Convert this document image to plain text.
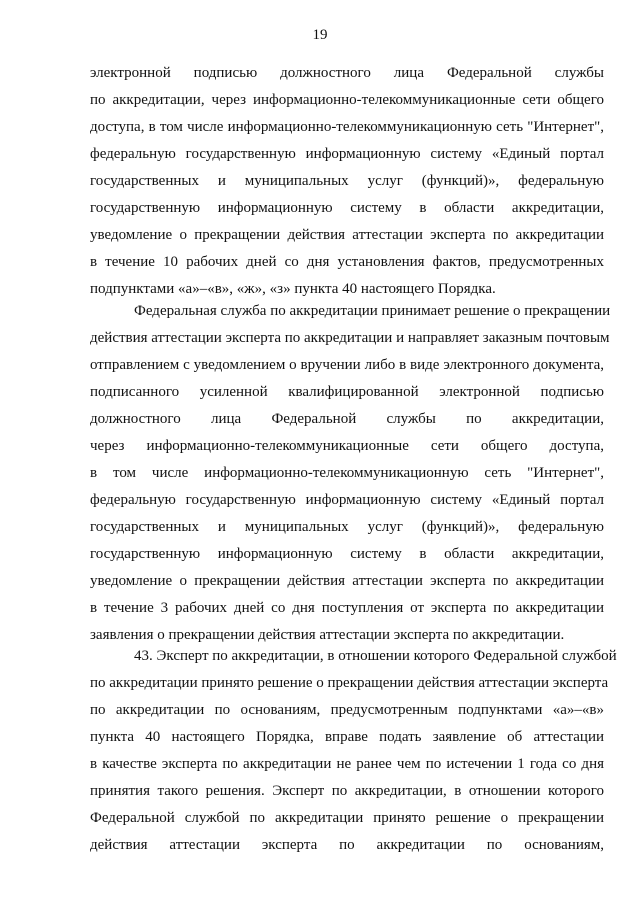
19
электронной подписью должностного лица Федеральной службы
по аккредитации, через информационно-телекоммуникационные сети общего
доступа, в том числе информационно-телекоммуникационную сеть "Интернет",
федеральную государственную информационную систему «Единый портал
государственных и муниципальных услуг (функций)», федеральную
государственную информационную систему в области аккредитации,
уведомление о прекращении действия аттестации эксперта по аккредитации
в течение 10 рабочих дней со дня установления фактов, предусмотренных
подпунктами «а»–«в», «ж», «з» пункта 40 настоящего Порядка.
Федеральная служба по аккредитации принимает решение о прекращении
действия аттестации эксперта по аккредитации и направляет заказным почтовым
отправлением с уведомлением о вручении либо в виде электронного документа,
подписанного усиленной квалифицированной электронной подписью
должностного лица Федеральной службы по аккредитации,
через информационно-телекоммуникационные сети общего доступа,
в том числе информационно-телекоммуникационную сеть "Интернет",
федеральную государственную информационную систему «Единый портал
государственных и муниципальных услуг (функций)», федеральную
государственную информационную систему в области аккредитации,
уведомление о прекращении действия аттестации эксперта по аккредитации
в течение 3 рабочих дней со дня поступления от эксперта по аккредитации
заявления о прекращении действия аттестации эксперта по аккредитации.
43. Эксперт по аккредитации, в отношении которого Федеральной службой
по аккредитации принято решение о прекращении действия аттестации эксперта
по аккредитации по основаниям, предусмотренным подпунктами «а»–«в»
пункта 40 настоящего Порядка, вправе подать заявление об аттестации
в качестве эксперта по аккредитации не ранее чем по истечении 1 года со дня
принятия такого решения. Эксперт по аккредитации, в отношении которого
Федеральной службой по аккредитации принято решение о прекращении
действия аттестации эксперта по аккредитации по основаниям,
